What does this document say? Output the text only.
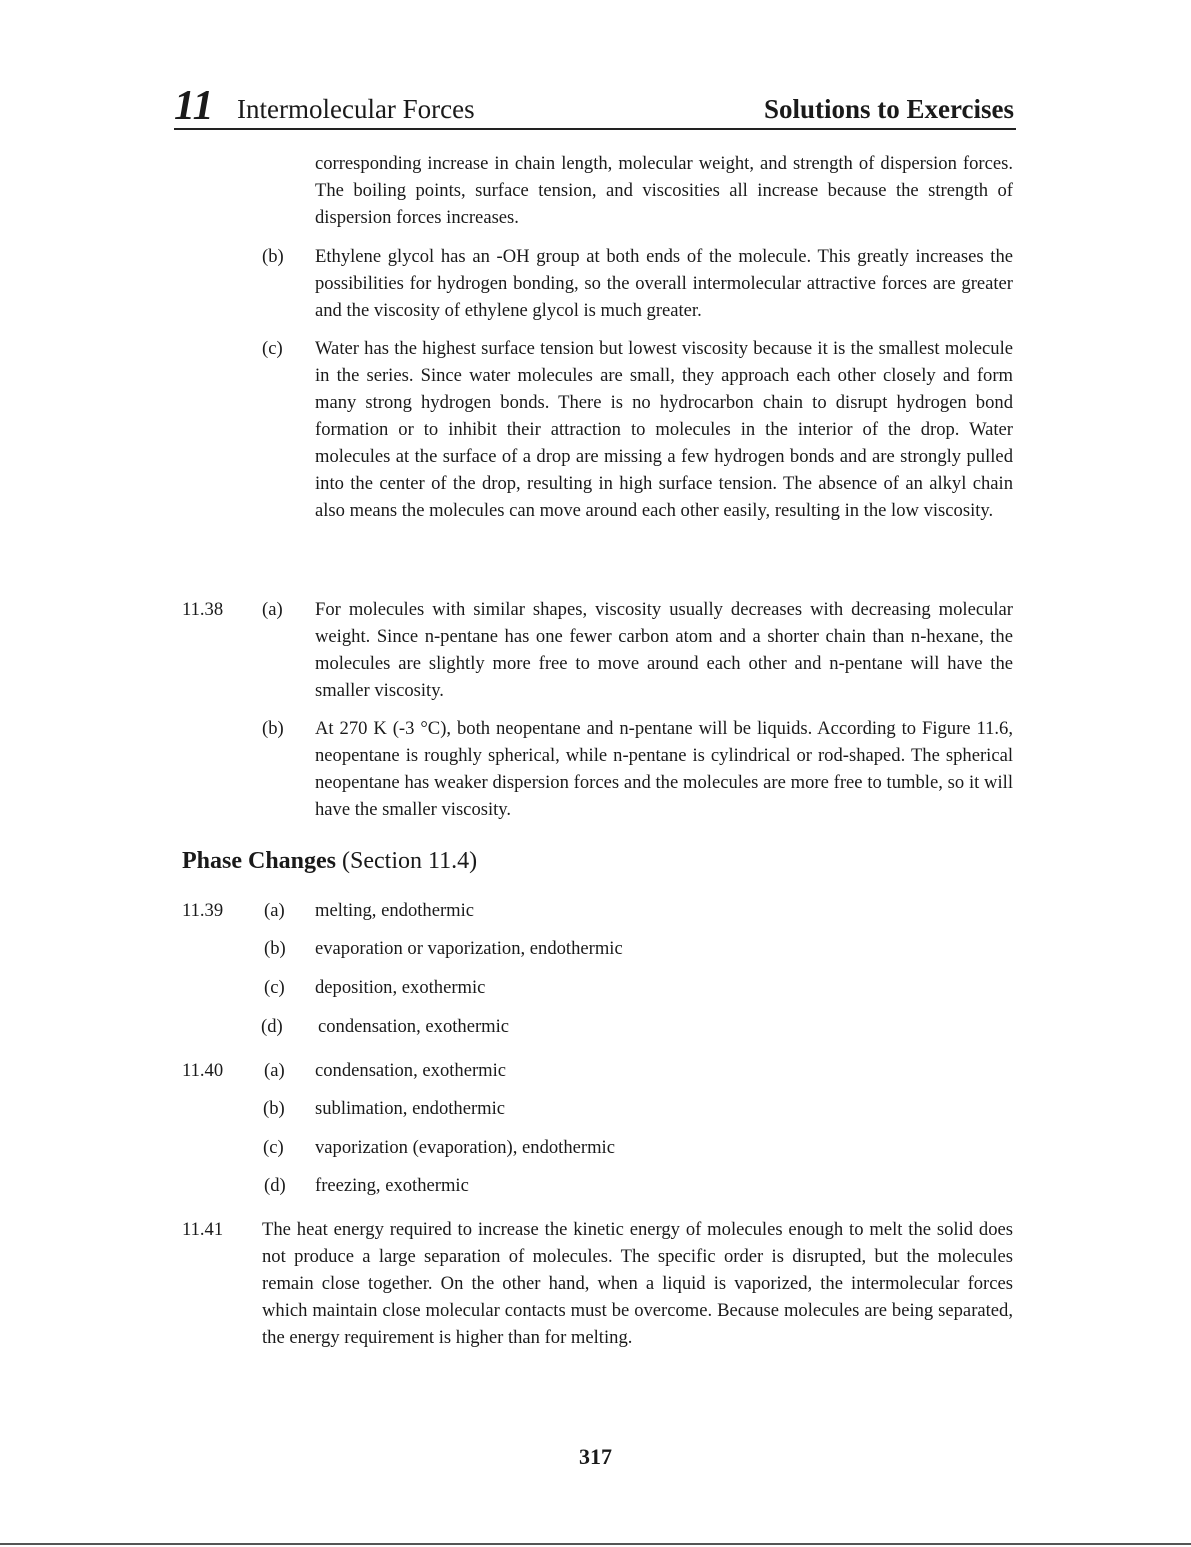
11 Intermolecular Forces	Solutions to Exercises
corresponding increase in chain length, molecular weight, and strength of dispersion forces. The boiling points, surface tension, and viscosities all increase because the strength of dispersion forces increases.
(b) Ethylene glycol has an -OH group at both ends of the molecule. This greatly increases the possibilities for hydrogen bonding, so the overall intermolecular attractive forces are greater and the viscosity of ethylene glycol is much greater.
(c) Water has the highest surface tension but lowest viscosity because it is the smallest molecule in the series. Since water molecules are small, they approach each other closely and form many strong hydrogen bonds. There is no hydrocarbon chain to disrupt hydrogen bond formation or to inhibit their attraction to molecules in the interior of the drop. Water molecules at the surface of a drop are missing a few hydrogen bonds and are strongly pulled into the center of the drop, resulting in high surface tension. The absence of an alkyl chain also means the molecules can move around each other easily, resulting in the low viscosity.
11.38 (a) For molecules with similar shapes, viscosity usually decreases with decreasing molecular weight. Since n-pentane has one fewer carbon atom and a shorter chain than n-hexane, the molecules are slightly more free to move around each other and n-pentane will have the smaller viscosity.
(b) At 270 K (-3 °C), both neopentane and n-pentane will be liquids. According to Figure 11.6, neopentane is roughly spherical, while n-pentane is cylindrical or rod-shaped. The spherical neopentane has weaker dispersion forces and the molecules are more free to tumble, so it will have the smaller viscosity.
Phase Changes (Section 11.4)
11.39 (a) melting, endothermic
(b) evaporation or vaporization, endothermic
(c) deposition, exothermic
(d) condensation, exothermic
11.40 (a) condensation, exothermic
(b) sublimation, endothermic
(c) vaporization (evaporation), endothermic
(d) freezing, exothermic
11.41 The heat energy required to increase the kinetic energy of molecules enough to melt the solid does not produce a large separation of molecules. The specific order is disrupted, but the molecules remain close together. On the other hand, when a liquid is vaporized, the intermolecular forces which maintain close molecular contacts must be overcome. Because molecules are being separated, the energy requirement is higher than for melting.
317
